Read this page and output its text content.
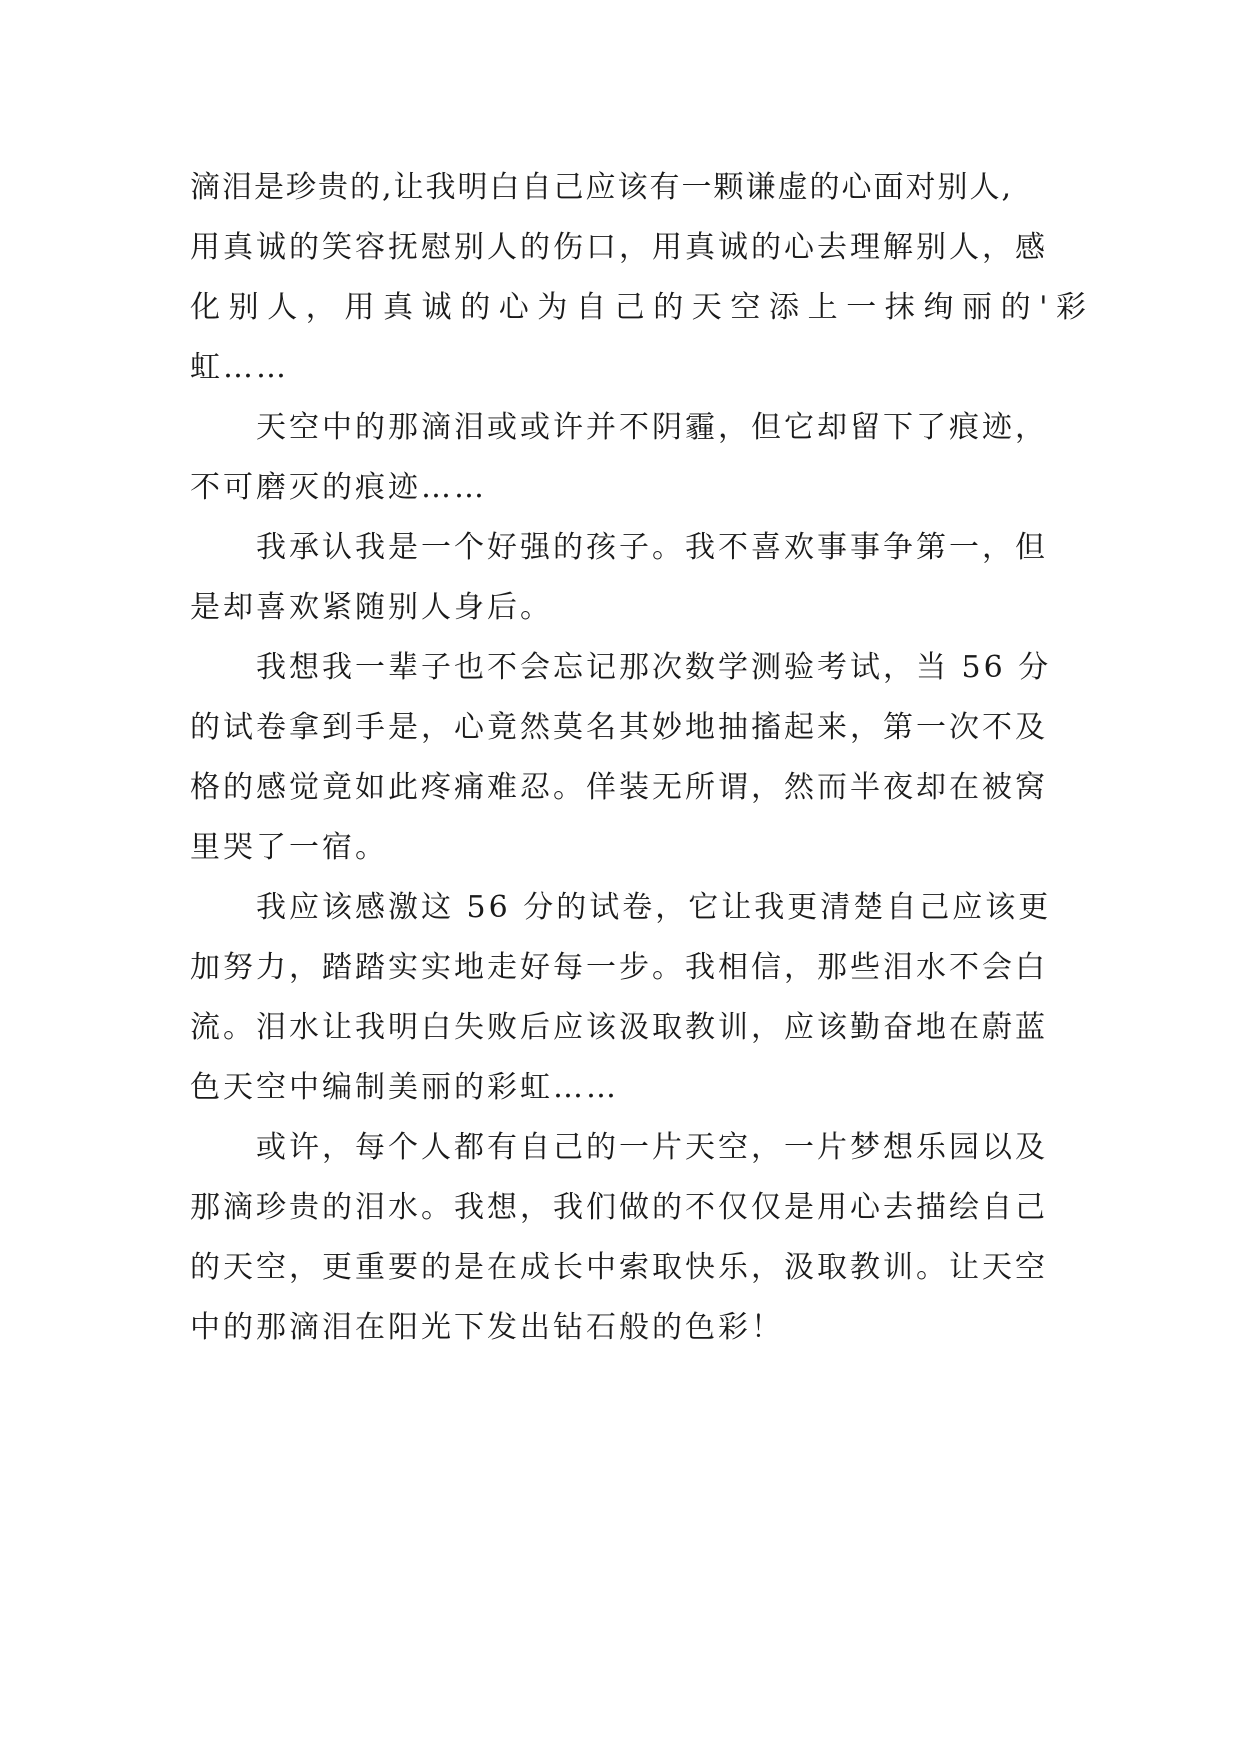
滴泪是珍贵的,让我明白自己应该有一颗谦虚的心面对别人,
用真诚的笑容抚慰别人的伤口，用真诚的心去理解别人，感
化别人，用真诚的心为自己的天空添上一抹绚丽的'彩
虹……
天空中的那滴泪或或许并不阴霾，但它却留下了痕迹，
不可磨灭的痕迹……
我承认我是一个好强的孩子。我不喜欢事事争第一，但
是却喜欢紧随别人身后。
我想我一辈子也不会忘记那次数学测验考试，当 56 分
的试卷拿到手是，心竟然莫名其妙地抽搐起来，第一次不及
格的感觉竟如此疼痛难忍。佯装无所谓，然而半夜却在被窝
里哭了一宿。
我应该感激这 56 分的试卷，它让我更清楚自己应该更
加努力，踏踏实实地走好每一步。我相信，那些泪水不会白
流。泪水让我明白失败后应该汲取教训，应该勤奋地在蔚蓝
色天空中编制美丽的彩虹……
或许，每个人都有自己的一片天空，一片梦想乐园以及
那滴珍贵的泪水。我想，我们做的不仅仅是用心去描绘自己
的天空，更重要的是在成长中索取快乐，汲取教训。让天空
中的那滴泪在阳光下发出钻石般的色彩！
